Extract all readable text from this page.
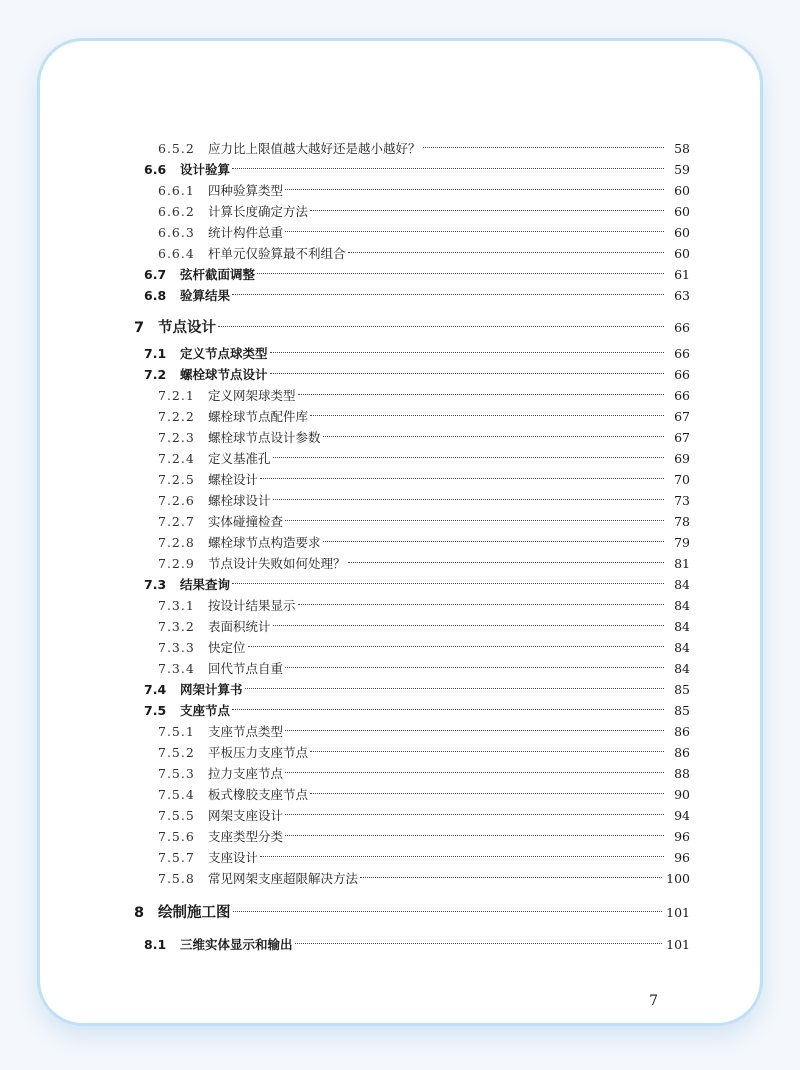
6.5.2	应力比上限值越大越好还是越小越好？	58
6.6	设计验算	59
6.6.1	四种验算类型	60
6.6.2	计算长度确定方法	60
6.6.3	统计构件总重	60
6.6.4	杆单元仅验算最不利组合	60
6.7	弦杆截面调整	61
6.8	验算结果	63
7 节点设计	66
7.1	定义节点球类型	66
7.2	螺栓球节点设计	66
7.2.1	定义网架球类型	66
7.2.2	螺栓球节点配件库	67
7.2.3	螺栓球节点设计参数	67
7.2.4	定义基准孔	69
7.2.5	螺栓设计	70
7.2.6	螺栓球设计	73
7.2.7	实体碰撞检查	78
7.2.8	螺栓球节点构造要求	79
7.2.9	节点设计失败如何处理？	81
7.3	结果查询	84
7.3.1	按设计结果显示	84
7.3.2	表面积统计	84
7.3.3	快定位	84
7.3.4	回代节点自重	84
7.4	网架计算书	85
7.5	支座节点	85
7.5.1	支座节点类型	86
7.5.2	平板压力支座节点	86
7.5.3	拉力支座节点	88
7.5.4	板式橡胶支座节点	90
7.5.5	网架支座设计	94
7.5.6	支座类型分类	96
7.5.7	支座设计	96
7.5.8	常见网架支座超限解决方法	100
8 绘制施工图	101
8.1	三维实体显示和输出	101
7
